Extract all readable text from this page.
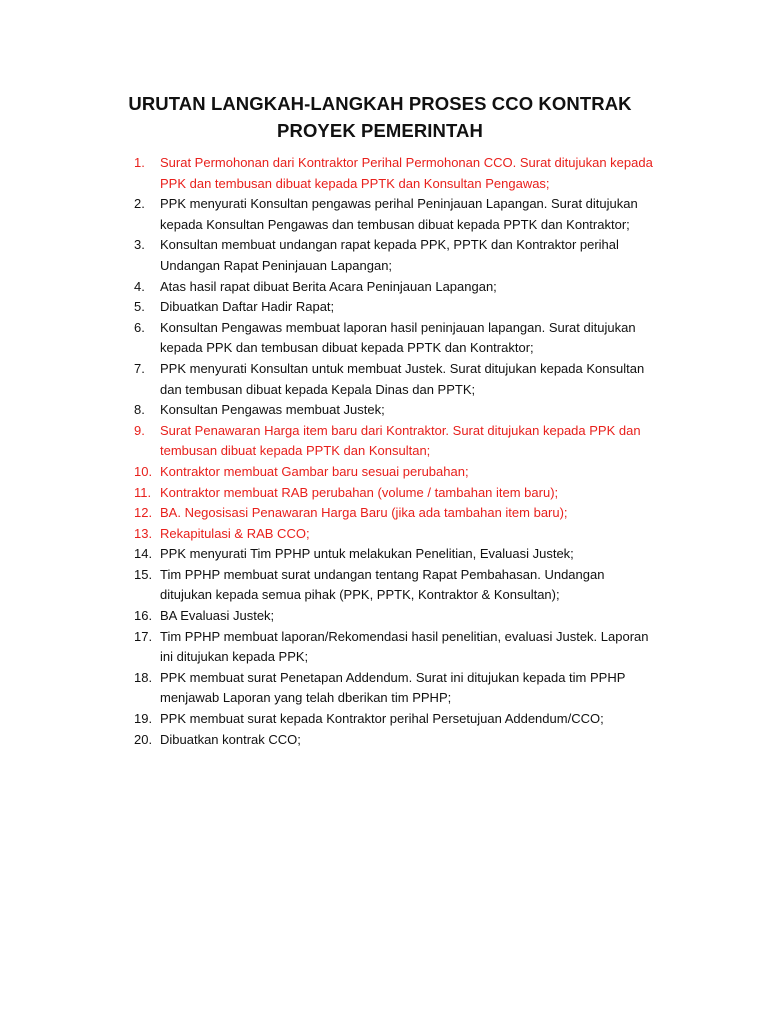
URUTAN LANGKAH-LANGKAH PROSES CCO KONTRAK
PROYEK PEMERINTAH
1.	Surat Permohonan dari Kontraktor Perihal Permohonan CCO. Surat ditujukan kepada
PPK dan tembusan dibuat kepada PPTK dan Konsultan Pengawas;
2.	PPK menyurati Konsultan pengawas perihal Peninjauan Lapangan. Surat ditujukan
kepada Konsultan Pengawas dan tembusan dibuat kepada PPTK dan Kontraktor;
3.	Konsultan membuat undangan rapat kepada PPK, PPTK dan Kontraktor perihal
Undangan Rapat Peninjauan Lapangan;
4.	Atas hasil rapat dibuat Berita Acara Peninjauan Lapangan;
5.	Dibuatkan Daftar Hadir Rapat;
6.	Konsultan Pengawas membuat laporan hasil peninjauan lapangan. Surat ditujukan
kepada PPK dan tembusan dibuat kepada PPTK dan Kontraktor;
7.	PPK menyurati Konsultan untuk membuat Justek. Surat ditujukan kepada Konsultan
dan tembusan dibuat kepada Kepala Dinas dan PPTK;
8.	Konsultan Pengawas membuat Justek;
9.	Surat Penawaran Harga item baru dari Kontraktor. Surat ditujukan kepada PPK dan
tembusan dibuat kepada PPTK dan Konsultan;
10. Kontraktor membuat Gambar baru sesuai perubahan;
11. Kontraktor membuat RAB perubahan (volume / tambahan item baru);
12. BA. Negosisasi Penawaran Harga Baru (jika ada tambahan item baru);
13. Rekapitulasi & RAB CCO;
14. PPK menyurati Tim PPHP untuk melakukan Penelitian, Evaluasi Justek;
15. Tim PPHP membuat surat undangan tentang Rapat Pembahasan. Undangan
ditujukan kepada semua pihak (PPK, PPTK, Kontraktor & Konsultan);
16. BA Evaluasi Justek;
17. Tim PPHP membuat laporan/Rekomendasi hasil penelitian, evaluasi Justek. Laporan
ini ditujukan kepada PPK;
18. PPK membuat surat Penetapan Addendum. Surat ini ditujukan kepada tim PPHP
menjawab Laporan yang telah dberikan tim PPHP;
19. PPK membuat surat kepada Kontraktor perihal Persetujuan Addendum/CCO;
20. Dibuatkan kontrak CCO;
